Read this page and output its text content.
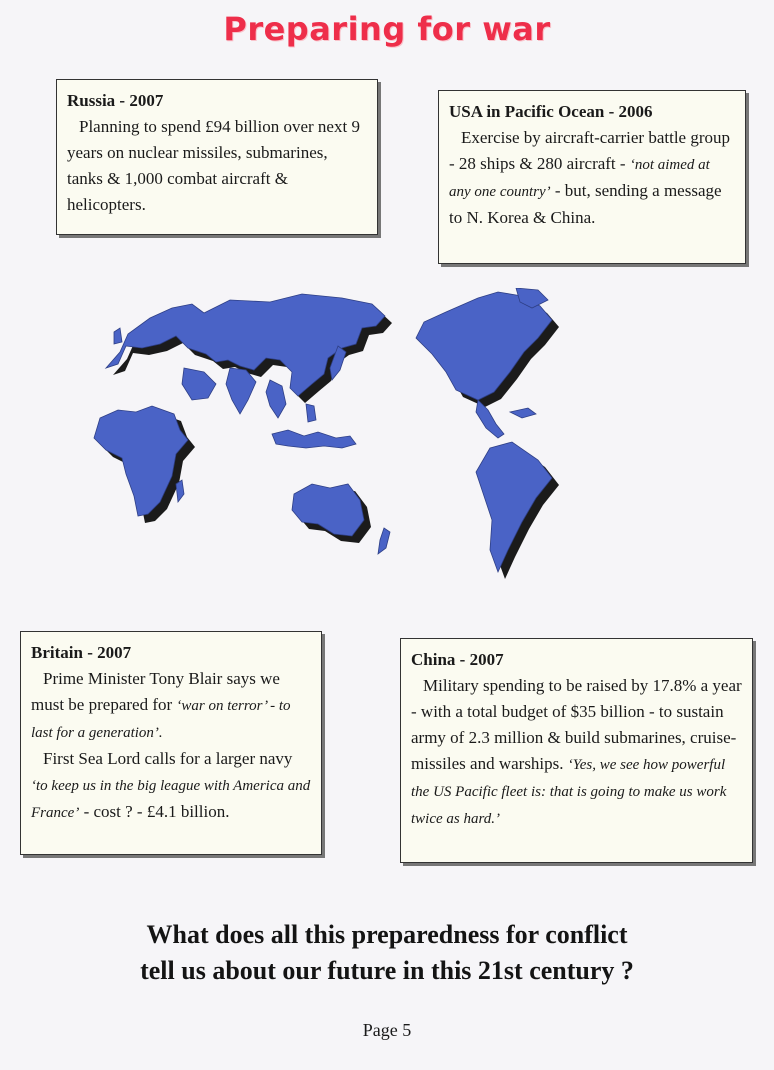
Preparing for war
Russia - 2007
Planning to spend £94 billion over next 9 years on nuclear missiles, submarines, tanks & 1,000 combat aircraft & helicopters.
USA in Pacific Ocean - 2006
Exercise by aircraft-carrier battle group - 28 ships & 280 aircraft - ‘not aimed at any one country’ - but, sending a message to N. Korea & China.
Britain - 2007
Prime Minister Tony Blair says we must be prepared for ‘war on terror’ - to last for a generation’.
First Sea Lord calls for a larger navy ‘to keep us in the big league with America and France’ - cost ? - £4.1 billion.
China - 2007
Military spending to be raised by 17.8% a year - with a total budget of $35 billion - to sustain army of 2.3 million & build submarines, cruise-missiles and warships. ‘Yes, we see how powerful the US Pacific fleet is: that is going to make us work twice as hard.’
What does all this preparedness for conflict
tell us about our future in this 21st century ?
Page 5
